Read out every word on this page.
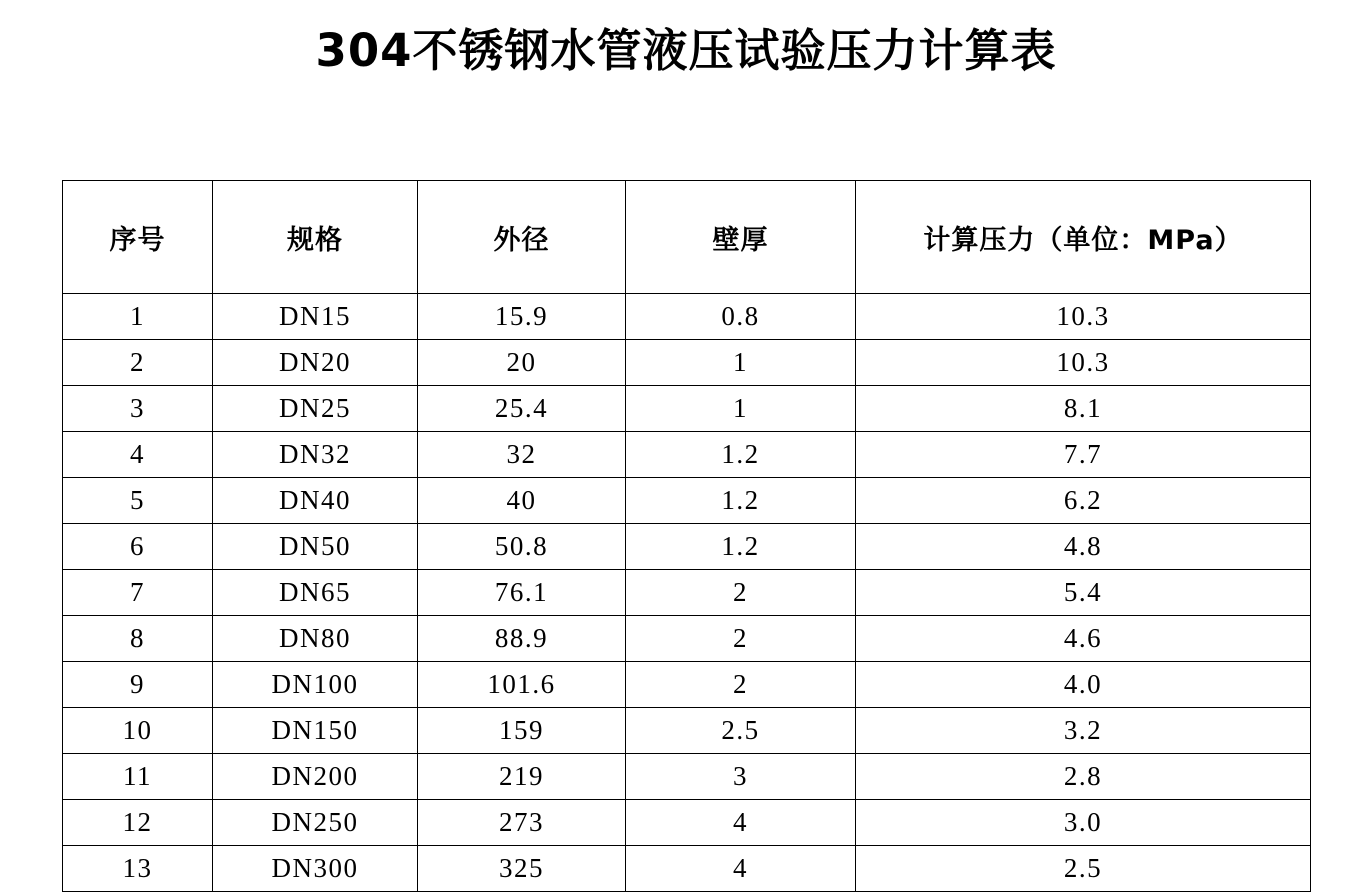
304不锈钢水管液压试验压力计算表
序号	规格	外径	壁厚	计算压力（单位：MPa）
1	DN15	15.9	0.8	10.3
2	DN20	20	1	10.3
3	DN25	25.4	1	8.1
4	DN32	32	1.2	7.7
5	DN40	40	1.2	6.2
6	DN50	50.8	1.2	4.8
7	DN65	76.1	2	5.4
8	DN80	88.9	2	4.6
9	DN100	101.6	2	4.0
10	DN150	159	2.5	3.2
11	DN200	219	3	2.8
12	DN250	273	4	3.0
13	DN300	325	4	2.5
